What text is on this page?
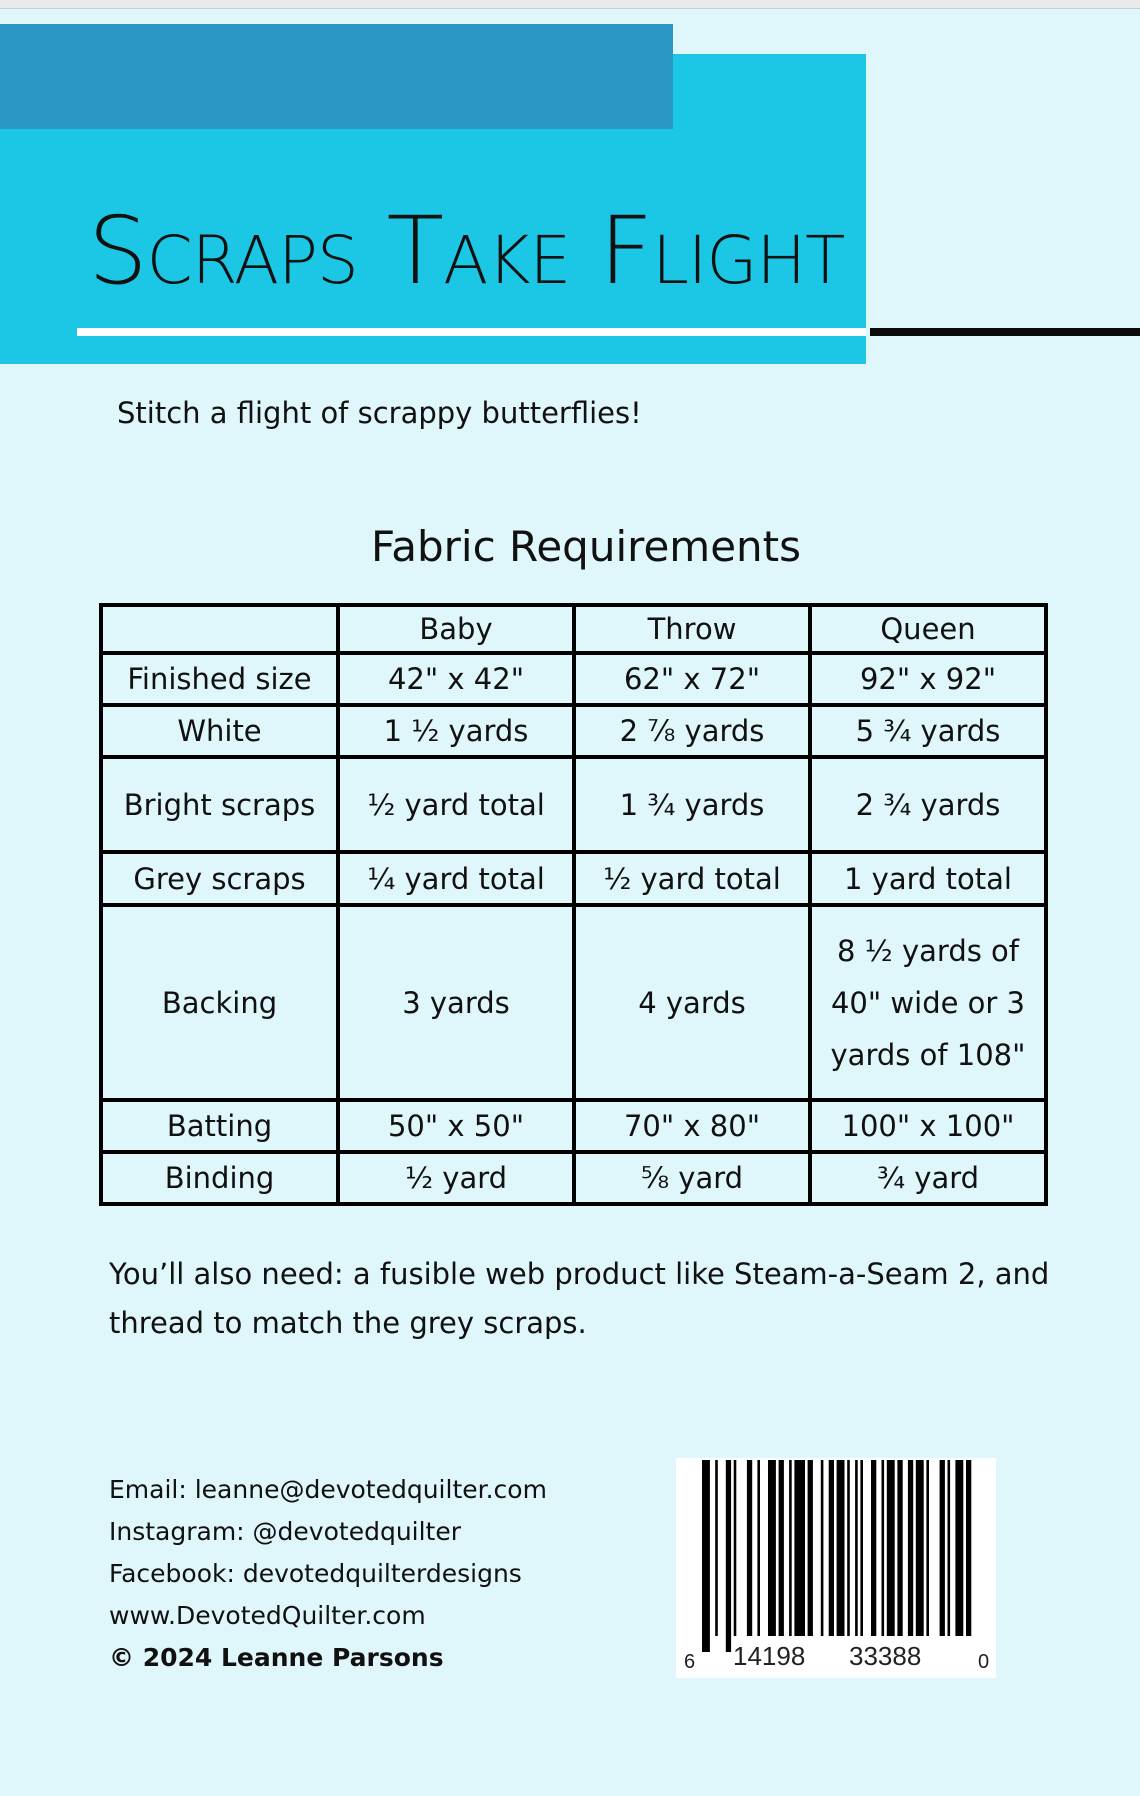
Scraps Take Flight
Stitch a flight of scrappy butterflies!
Fabric Requirements
	Baby	Throw	Queen
Finished size	42" x 42"	62" x 72"	92" x 92"
White	1 ½ yards	2 ⅞ yards	5 ¾ yards
Bright scraps	½ yard total	1 ¾ yards	2 ¾ yards
Grey scraps	¼ yard total	½ yard total	1 yard total
Backing	3 yards	4 yards	8 ½ yards of 40" wide or 3 yards of 108"
Batting	50" x 50"	70" x 80"	100" x 100"
Binding	½ yard	⅝ yard	¾ yard
You’ll also need: a fusible web product like Steam-a-Seam 2, and thread to match the grey scraps.
Email: leanne@devotedquilter.com
Instagram: @devotedquilter
Facebook: devotedquilterdesigns
www.DevotedQuilter.com
© 2024 Leanne Parsons	6 14198 33388	0
